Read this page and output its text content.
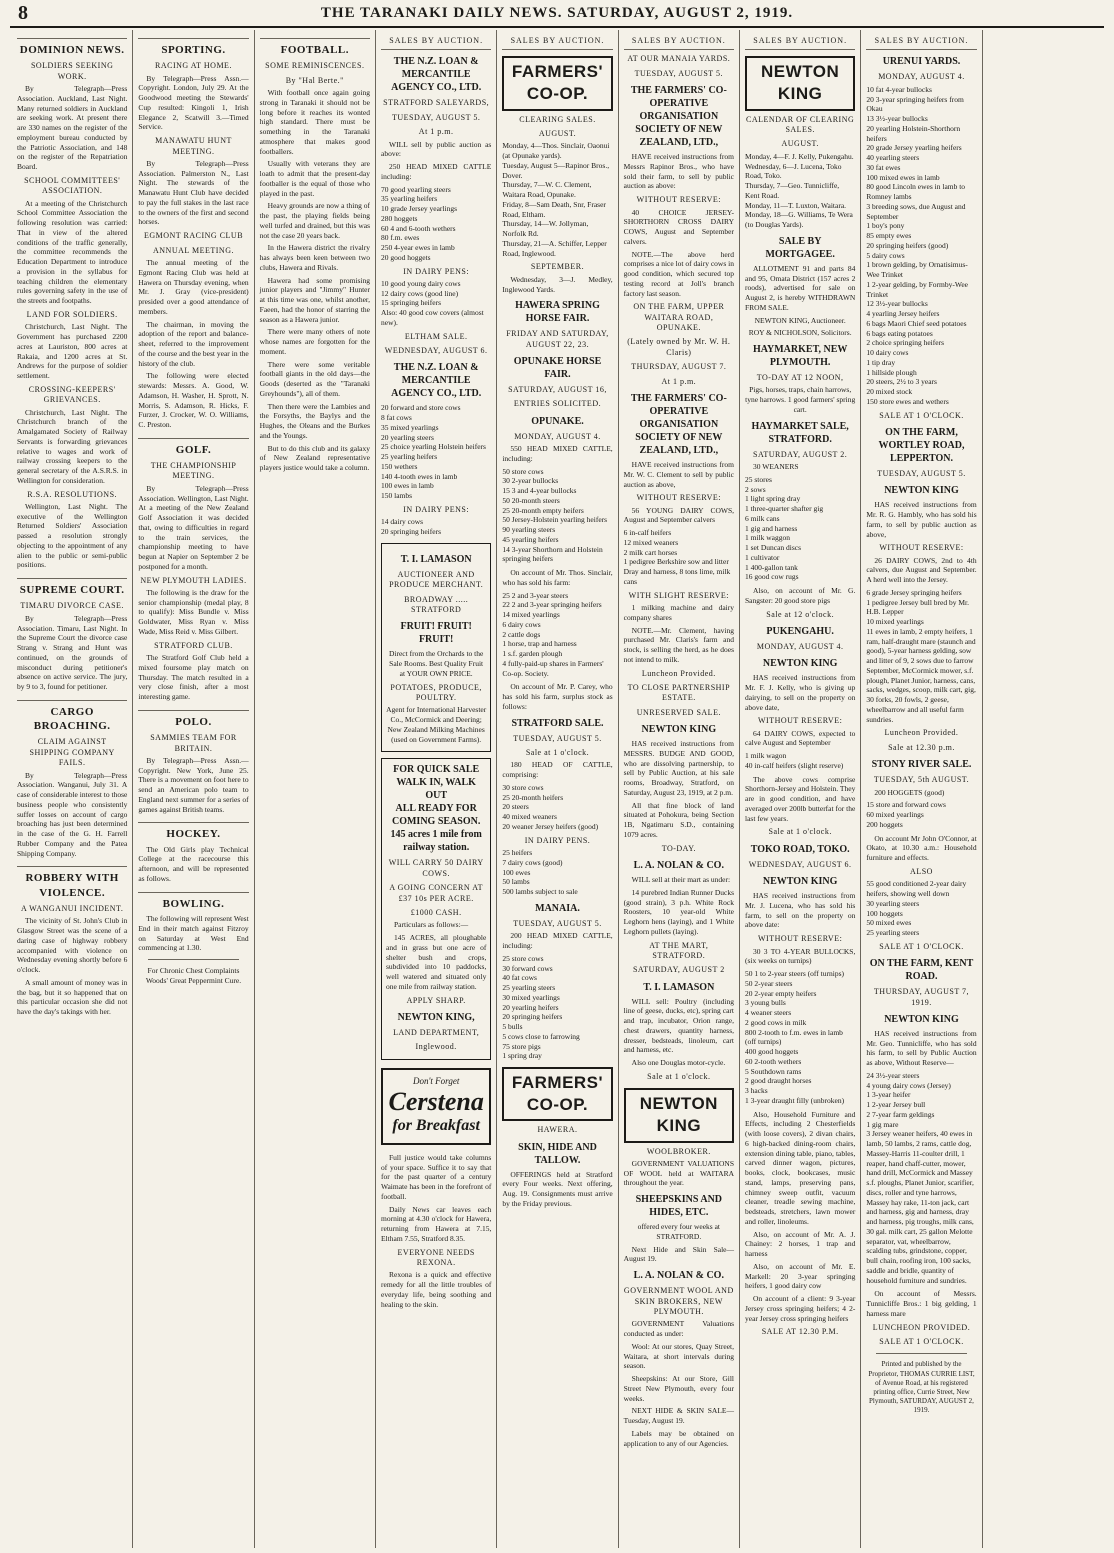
8	THE TARANAKI DAILY NEWS. SATURDAY, AUGUST 2, 1919.
DOMINION NEWS.
SOLDIERS SEEKING WORK.

By Telegraph—Press Association. Auckland, Last Night. Many returned soldiers in Auckland are seeking work. At present there are 330 names on the register of the employment bureau conducted by the Patriotic Association, and 148 on the register of the Repatriation Board.

SCHOOL COMMITTEES' ASSOCIATION.

At a meeting of the Christchurch School Committee Association the following resolution was carried: That in view of the altered conditions of the traffic generally, the committee recommends the Education Department to introduce a provision in the syllabus for teaching children the elementary rules governing safety in the use of the streets and footpaths.

LAND FOR SOLDIERS.

Christchurch, Last Night. The Government has purchased 2200 acres at Lauriston, 800 acres at Rakaia, and 1200 acres at St. Andrews for the purpose of soldier settlement.

CROSSING-KEEPERS' GRIEVANCES.

Christchurch, Last Night. The Christchurch branch of the Amalgamated Society of Railway Servants is forwarding grievances relative to wages and work of railway crossing keepers to the general secretary of the A.S.R.S. in Wellington for consideration.

R.S.A. RESOLUTIONS.

Wellington, Last Night. The executive of the Wellington Returned Soldiers' Association passed a resolution strongly objecting to the appointment of any alien to the public or semi-public positions.

SUPREME COURT.
TIMARU DIVORCE CASE.

By Telegraph—Press Association. Timaru, Last Night. In the Supreme Court the divorce case Strang v. Strang and Hunt was continued, on the grounds of misconduct during petitioner's absence on active service. The jury, by 9 to 3, found for petitioner.

CARGO BROACHING.
CLAIM AGAINST SHIPPING COMPANY FAILS.

By Telegraph—Press Association. Wanganui, July 31. A case of considerable interest to those business people who consistently suffer losses on account of cargo broaching has just been determined in the case of the G. H. Farrell Rubber Company and the Patea Shipping Company.

ROBBERY WITH VIOLENCE.
A WANGANUI INCIDENT.

The vicinity of St. John's Club in Glasgow Street was the scene of a daring case of highway robbery accompanied with violence on Wednesday evening shortly before 6 o'clock.

A small amount of money was in the bag, but it so happened that on this particular occasion she did not have the day's takings with her.

SPORTING.
RACING AT HOME.

By Telegraph—Press Assn.—Copyright. London, July 29. At the Goodwood meeting the Stewards' Cup resulted: Kingoli 1, Irish Elegance 2, Scatwill 3.—Timed Service.

MANAWATU HUNT MEETING.

By Telegraph—Press Association. Palmerston N., Last Night. The stewards of the Manawatu Hunt Club have decided to pay the full stakes in the last race to the owners of the first and second horses.

EGMONT RACING CLUB
ANNUAL MEETING.

The annual meeting of the Egmont Racing Club was held at Hawera on Thursday evening, when Mr. J. Gray (vice-president) presided over a good attendance of members.

The chairman, in moving the adoption of the report and balance-sheet, referred to the improvement of the course and the best year in the history of the club.

The following were elected stewards: Messrs. A. Good, W. Adamson, H. Washer, H. Sprott, N. Morris, S. Adamson, R. Hicks, F. Furzer, J. Crocker, W. O. Williams, C. Preston.

GOLF.
THE CHAMPIONSHIP MEETING.

By Telegraph—Press Association. Wellington, Last Night. At a meeting of the New Zealand Golf Association it was decided that, owing to difficulties in regard to the train services, the championship meeting to have begun at Napier on September 2 be postponed for a month.

NEW PLYMOUTH LADIES.

The following is the draw for the senior championship (medal play, 8 to qualify): Miss Bundle v. Miss Goldwater, Miss Ryan v. Miss Wade, Miss Reid v. Miss Gilbert.

STRATFORD CLUB.

The Stratford Golf Club held a mixed foursome play match on Thursday. The match resulted in a very close finish, after a most interesting game.

POLO.
SAMMIES TEAM FOR BRITAIN.

By Telegraph—Press Assn.—Copyright. New York, June 25. There is a movement on foot here to send an American polo team to England next summer for a series of games against British teams.

HOCKEY.

The Old Girls play Technical College at the racecourse this afternoon, and will be represented as follows.

BOWLING.

The following will represent West End in their match against Fitzroy on Saturday at West End commencing at 1.30.

For Chronic Chest Complaints Woods' Great Peppermint Cure.

FOOTBALL.
SOME REMINISCENCES.
By "Hal Berte."

With football once again going strong in Taranaki it should not be long before it reaches its wonted high standard. There must be something in the Taranaki atmosphere that makes good footballers.

Usually with veterans they are loath to admit that the present-day footballer is the equal of those who played in the past.

Heavy grounds are now a thing of the past, the playing fields being well turfed and drained, but this was not the case 20 years back.

In the Hawera district the rivalry has always been keen between two clubs, Hawera and Rivals.

Hawera had some promising junior players and "Jimmy" Hunter at this time was one, whilst another, Faeen, had the honor of starring the season as a Hawera junior.

There were many others of note whose names are forgotten for the moment.

There were some veritable football giants in the old days—the Goods (deserted as the "Taranaki Greyhounds"), all of them.

Then there were the Lambies and the Forsyths, the Baylys and the Hughes, the Oleans and the Burkes and the Youngs.

But to do this club and its galaxy of New Zealand representative players justice would take a column.

SALES BY AUCTION.
THE N.Z. LOAN & MERCANTILE AGENCY CO., LTD.
STRATFORD SALEYARDS,
TUESDAY, AUGUST 5.
At 1 p.m.

WILL sell by public auction as above:

250 HEAD MIXED CATTLE including:

70 good yearling steers
35 yearling heifers
10 grade Jersey yearlings
280 hoggets
60 4 and 6-tooth wethers
80 f.m. ewes
250 4-year ewes in lamb
20 good hoggets
IN DAIRY PENS:
10 good young dairy cows
12 dairy cows (good line)
15 springing heifers
Also: 40 good cow covers (almost new).
ELTHAM SALE.
WEDNESDAY, AUGUST 6.
THE N.Z. LOAN & MERCANTILE AGENCY CO., LTD.
20 forward and store cows
8 fat cows
35 mixed yearlings
20 yearling steers
25 choice yearling Holstein heifers
25 yearling heifers
150 wethers
140 4-tooth ewes in lamb
100 ewes in lamb
150 lambs
IN DAIRY PENS:
14 dairy cows
20 springing heifers
T. I. LAMASON
AUCTIONEER AND PRODUCE MERCHANT.
BROADWAY ..... STRATFORD
FRUIT! FRUIT! FRUIT!

Direct from the Orchards to the Sale Rooms. Best Quality Fruit at YOUR OWN PRICE.

POTATOES, PRODUCE, POULTRY.

Agent for International Harvester Co., McCormick and Deering; New Zealand Milking Machines (used on Government Farms).

FOR QUICK SALE
WALK IN, WALK OUT
ALL READY FOR COMING SEASON.
145 acres 1 mile from railway station.
WILL CARRY 50 DAIRY COWS.
A GOING CONCERN AT £37 10s PER ACRE.
£1000 CASH.

Particulars as follows:—

145 ACRES, all ploughable and in grass but one acre of shelter bush and crops, subdivided into 10 paddocks, well watered and situated only one mile from railway station.

APPLY SHARP.
NEWTON KING,
LAND DEPARTMENT,
Inglewood.
Don't Forget
Cerstena
for Breakfast

Full justice would take columns of your space. Suffice it to say that for the past quarter of a century Waimate has been in the forefront of football.

Daily News car leaves each morning at 4.30 o'clock for Hawera, returning from Hawera at 7.15, Eltham 7.55, Stratford 8.35.

EVERYONE NEEDS REXONA.

Rexona is a quick and effective remedy for all the little troubles of everyday life, being soothing and healing to the skin.

SALES BY AUCTION.
FARMERS' CO-OP.
CLEARING SALES.
AUGUST.
Monday, 4—Thos. Sinclair, Oaonui (at Opunake yards).
Tuesday, August 5—Rapinor Bros., Dover.
Thursday, 7—W. C. Clement, Waitara Road, Opunake.
Friday, 8—Sam Death, Snr, Fraser Road, Eltham.
Thursday, 14—W. Jollyman, Norfolk Rd.
Thursday, 21—A. Schiffer, Lepper Road, Inglewood.
SEPTEMBER.

Wednesday, 3—J. Medley, Inglewood Yards.

HAWERA SPRING HORSE FAIR.
FRIDAY AND SATURDAY, AUGUST 22, 23.
OPUNAKE HORSE FAIR.
SATURDAY, AUGUST 16,
ENTRIES SOLICITED.
OPUNAKE.
MONDAY, AUGUST 4.

550 HEAD MIXED CATTLE, including:

50 store cows
30 2-year bullocks
15 3 and 4-year bullocks
50 20-month steers
25 20-month empty heifers
50 Jersey-Holstein yearling heifers
90 yearling steers
45 yearling heifers
14 3-year Shorthorn and Holstein springing heifers

On account of Mr. Thos. Sinclair, who has sold his farm:

25 2 and 3-year steers
22 2 and 3-year springing heifers
14 mixed yearlings
6 dairy cows
2 cattle dogs
1 horse, trap and harness
1 s.f. garden plough
4 fully-paid-up shares in Farmers' Co-op. Society.

On account of Mr. P. Carey, who has sold his farm, surplus stock as follows:

STRATFORD SALE.
TUESDAY, AUGUST 5.
Sale at 1 o'clock.

180 HEAD OF CATTLE, comprising:

30 store cows
25 20-month heifers
20 steers
40 mixed weaners
20 weaner Jersey heifers (good)
IN DAIRY PENS.
25 heifers
7 dairy cows (good)
100 ewes
50 lambs
500 lambs subject to sale
MANAIA.
TUESDAY, AUGUST 5.

200 HEAD MIXED CATTLE, including:

25 store cows
30 forward cows
40 fat cows
25 yearling steers
30 mixed yearlings
20 yearling heifers
20 springing heifers
5 bulls
5 cows close to farrowing
75 store pigs
1 spring dray
FARMERS' CO-OP.
HAWERA.
SKIN, HIDE AND TALLOW.

OFFERINGS held at Stratford every Four weeks. Next offering, Aug. 19. Consignments must arrive by the Friday previous.

SALES BY AUCTION.
AT OUR MANAIA YARDS.
TUESDAY, AUGUST 5.
THE FARMERS' CO-OPERATIVE ORGANISATION SOCIETY OF NEW ZEALAND, LTD.,

HAVE received instructions from Messrs Rapinor Bros., who have sold their farm, to sell by public auction as above:

WITHOUT RESERVE:

40 CHOICE JERSEY-SHORTHORN CROSS DAIRY COWS, August and September calvers.

NOTE.—The above herd comprises a nice lot of dairy cows in good condition, which secured top testing record at Joll's branch factory last season.

ON THE FARM, UPPER WAITARA ROAD, OPUNAKE.
(Lately owned by Mr. W. H. Claris)
THURSDAY, AUGUST 7.
At 1 p.m.
THE FARMERS' CO-OPERATIVE ORGANISATION SOCIETY OF NEW ZEALAND, LTD.,

HAVE received instructions from Mr. W. C. Clement to sell by public auction as above,

WITHOUT RESERVE:

56 YOUNG DAIRY COWS, August and September calvers

6 in-calf heifers
12 mixed weaners
2 milk cart horses
1 pedigree Berkshire sow and litter
Dray and harness, 8 tons lime, milk cans
WITH SLIGHT RESERVE:

1 milking machine and dairy company shares

NOTE.—Mr. Clement, having purchased Mr. Claris's farm and stock, is selling the herd, as he does not intend to milk.

Luncheon Provided.
TO CLOSE PARTNERSHIP ESTATE.
UNRESERVED SALE.
NEWTON KING

HAS received instructions from MESSRS. BUDGE AND GOOD, who are dissolving partnership, to sell by Public Auction, at his sale rooms, Broadway, Stratford, on Saturday, August 23, 1919, at 2 p.m.

All that fine block of land situated at Pohokura, being Section 1B, Ngatimaru S.D., containing 1079 acres.

TO-DAY.
L. A. NOLAN & CO.

WILL sell at their mart as under:

14 purebred Indian Runner Ducks (good strain), 3 p.h. White Rock Roosters, 10 year-old White Leghorn hens (laying), and 1 White Leghorn pullets (laying).

AT THE MART, STRATFORD.
SATURDAY, AUGUST 2
T. I. LAMASON

WILL sell: Poultry (including line of geese, ducks, etc), spring cart and trap, incubator, Orion range, chest drawers, quantity harness, dresser, bedsteads, linoleum, cart and harness, etc.

Also one Douglas motor-cycle.

Sale at 1 o'clock.
NEWTON KING
WOOLBROKER.

GOVERNMENT VALUATIONS OF WOOL held at WAITARA throughout the year.

SHEEPSKINS AND HIDES, ETC.

offered every four weeks at STRATFORD.

Next Hide and Skin Sale—August 19.

L. A. NOLAN & CO.
GOVERNMENT WOOL AND SKIN BROKERS, NEW PLYMOUTH.

GOVERNMENT Valuations conducted as under:

Wool: At our stores, Quay Street, Waitara, at short intervals during season.

Sheepskins: At our Store, Gill Street New Plymouth, every four weeks.

NEXT HIDE & SKIN SALE—Tuesday, August 19.

Labels may be obtained on application to any of our Agencies.

SALES BY AUCTION.
NEWTON KING
CALENDAR OF CLEARING SALES.
AUGUST.
Monday, 4—F. J. Kelly, Pukengahu.
Wednesday, 6—J. Lucena, Toko Road, Toko.
Thursday, 7—Geo. Tunnicliffe, Kent Road.
Monday, 11—T. Luxton, Waitara.
Monday, 18—G. Williams, Te Wera (to Douglas Yards).
SALE BY MORTGAGEE.

ALLOTMENT 91 and parts 84 and 95, Omata District (157 acres 2 roods), advertised for sale on August 2, is hereby WITHDRAWN FROM SALE.

NEWTON KING, Auctioneer.

ROY & NICHOLSON, Solicitors.

HAYMARKET, NEW PLYMOUTH.
TO-DAY AT 12 NOON,

Pigs, horses, traps, chain harrows, tyne harrows. 1 good farmers' spring cart.

HAYMARKET SALE, STRATFORD.
SATURDAY, AUGUST 2.

30 WEANERS

25 stores
2 sows
1 light spring dray
1 three-quarter shafter gig
6 milk cans
1 gig and harness
1 milk waggon
1 set Duncan discs
1 cultivator
1 400-gallon tank
16 good cow rugs

Also, on account of Mr. G. Sangster: 20 good store pigs

Sale at 12 o'clock.
PUKENGAHU.
MONDAY, AUGUST 4.
NEWTON KING

HAS received instructions from Mr. F. J. Kelly, who is giving up dairying, to sell on the property on above date,

WITHOUT RESERVE:

64 DAIRY COWS, expected to calve August and September

1 milk wagon
40 in-calf heifers (slight reserve)

The above cows comprise Shorthorn-Jersey and Holstein. They are in good condition, and have averaged over 200lb butterfat for the last few years.

Sale at 1 o'clock.
TOKO ROAD, TOKO.
WEDNESDAY, AUGUST 6.
NEWTON KING

HAS received instructions from Mr. J. Lucena, who has sold his farm, to sell on the property on above date:

WITHOUT RESERVE:

30 3 TO 4-YEAR BULLOCKS, (six weeks on turnips)

50 1 to 2-year steers (off turnips)
50 2-year steers
20 2-year empty heifers
3 young bulls
4 weaner steers
2 good cows in milk
800 2-tooth to f.m. ewes in lamb (off turnips)
400 good hoggets
60 2-tooth wethers
5 Southdown rams
2 good draught horses
3 hacks
1 3-year draught filly (unbroken)

Also, Household Furniture and Effects, including 2 Chesterfields (with loose covers), 2 divan chairs, 6 high-backed dining-room chairs, extension dining table, piano, tables, carved dinner wagon, pictures, books, clock, bookcases, music stand, lamps, preserving pans, chimney sweep outfit, vacuum cleaner, treadle sewing machine, bedsteads, stretchers, lawn mower and roller, linoleums.

Also, on account of Mr. A. J. Chainey: 2 horses, 1 trap and harness

Also, on account of Mr. E. Markell: 20 3-year springing heifers, 1 good dairy cow

On account of a client: 9 3-year Jersey cross springing heifers; 4 2-year Jersey cross springing heifers

SALE AT 12.30 P.M.
SALES BY AUCTION.
URENUI YARDS.
MONDAY, AUGUST 4.
10 fat 4-year bullocks
20 3-year springing heifers from Okau
13 3½-year bullocks
20 yearling Holstein-Shorthorn heifers
20 grade Jersey yearling heifers
40 yearling steers
30 fat ewes
100 mixed ewes in lamb
80 good Lincoln ewes in lamb to Romney lambs
3 breeding sows, due August and September
1 boy's pony
85 empty ewes
20 springing heifers (good)
5 dairy cows
1 brown gelding, by Ornatisimus-Wee Trinket
1 2-year gelding, by Formby-Wee Trinket
12 3½-year bullocks
4 yearling Jersey heifers
6 bags Maori Chief seed potatoes
6 bags eating potatoes
2 choice springing heifers
10 dairy cows
1 tip dray
1 hillside plough
20 steers, 2½ to 3 years
20 mixed stock
150 store ewes and wethers
SALE AT 1 O'CLOCK.
ON THE FARM, WORTLEY ROAD, LEPPERTON.
TUESDAY, AUGUST 5.
NEWTON KING

HAS received instructions from Mr. R. G. Hambly, who has sold his farm, to sell by public auction as above,

WITHOUT RESERVE:

26 DAIRY COWS, 2nd to 4th calvers, due August and September. A herd well into the Jersey.

6 grade Jersey springing heifers
1 pedigree Jersey bull bred by Mr. H.B. Lepper
10 mixed yearlings
11 ewes in lamb, 2 empty heifers, 1 ram, half-draught mare (staunch and good), 5-year harness gelding, sow and litter of 9, 2 sows due to farrow September, McCormick mower, s.f. plough, Planet Junior, harness, cans, sacks, wedges, scoop, milk cart, gig, 30 forks, 20 fowls, 2 geese, wheelbarrow and all useful farm sundries.
Luncheon Provided.
Sale at 12.30 p.m.
STONY RIVER SALE.
TUESDAY, 5th AUGUST.

200 HOGGETS (good)

15 store and forward cows
60 mixed yearlings
200 hoggets

On account Mr John O'Connor, at Okato, at 10.30 a.m.: Household furniture and effects.

ALSO
55 good conditioned 2-year dairy heifers, showing well down
30 yearling steers
100 hoggets
50 mixed ewes
25 yearling steers
SALE AT 1 O'CLOCK.
ON THE FARM, KENT ROAD.
THURSDAY, AUGUST 7, 1919.
NEWTON KING

HAS received instructions from Mr. Geo. Tunnicliffe, who has sold his farm, to sell by Public Auction as above, Without Reserve—

24 3½-year steers
4 young dairy cows (Jersey)
1 3-year heifer
1 2-year Jersey bull
2 7-year farm geldings
1 gig mare
3 Jersey weaner heifers, 40 ewes in lamb, 50 lambs, 2 rams, cattle dog, Massey-Harris 11-coulter drill, 1 reaper, hand chaff-cutter, mower, hand drill, McCormick and Massey s.f. ploughs, Planet Junior, scarifier, discs, roller and tyne harrows, Massey hay rake, 11-ton jack, cart and harness, gig and harness, dray and harness, pig troughs, milk cans, 30 gal. milk cart, 25 gallon Melotte separator, vat, wheelbarrow, scalding tubs, grindstone, copper, bull chain, roofing iron, 100 sacks, saddle and bridle, quantity of household furniture and sundries.

On account of Messrs. Tunnicliffe Bros.: 1 big gelding, 1 harness mare

LUNCHEON PROVIDED.
SALE AT 1 O'CLOCK.
Printed and published by the Proprietor, THOMAS CURRIE LIST, of Avenue Road, at his registered printing office, Currie Street, New Plymouth, SATURDAY, AUGUST 2, 1919.
